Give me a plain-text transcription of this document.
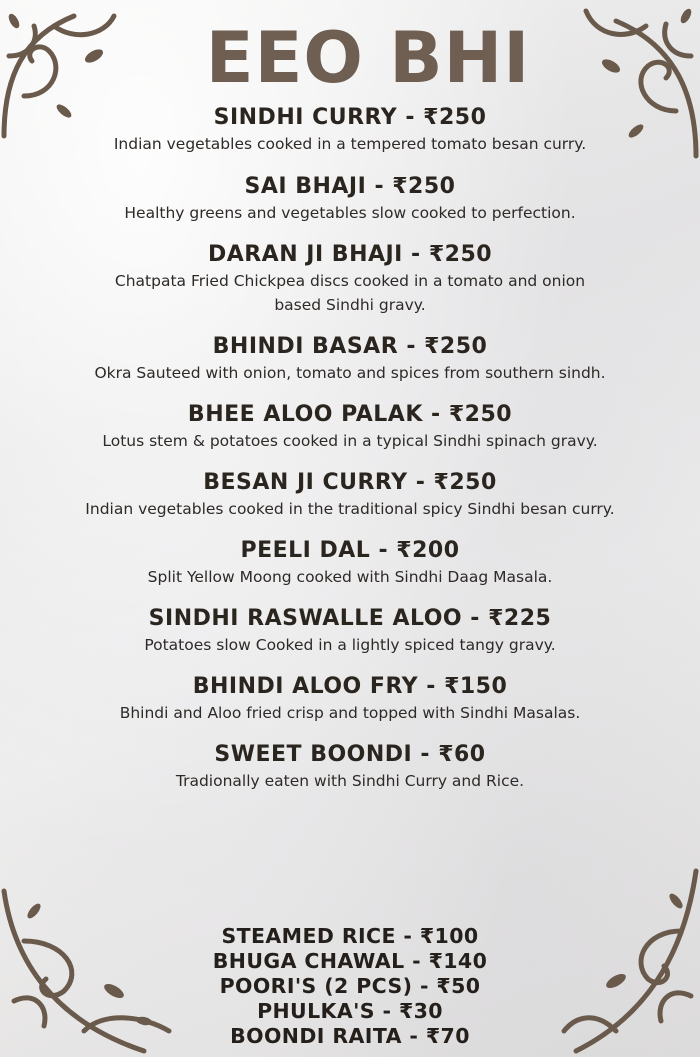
EEO BHI
SINDHI CURRY - ₹250
Indian vegetables cooked in a tempered tomato besan curry.
SAI BHAJI - ₹250
Healthy greens and vegetables slow cooked to perfection.
DARAN JI BHAJI - ₹250
Chatpata Fried Chickpea discs cooked in a tomato and onion
based Sindhi gravy.
BHINDI BASAR - ₹250
Okra Sauteed with onion, tomato and spices from southern sindh.
BHEE ALOO PALAK - ₹250
Lotus stem & potatoes cooked in a typical Sindhi spinach gravy.
BESAN JI CURRY - ₹250
Indian vegetables cooked in the traditional spicy Sindhi besan curry.
PEELI DAL - ₹200
Split Yellow Moong cooked with Sindhi Daag Masala.
SINDHI RASWALLE ALOO - ₹225
Potatoes slow Cooked in a lightly spiced tangy gravy.
BHINDI ALOO FRY - ₹150
Bhindi and Aloo fried crisp and topped with Sindhi Masalas.
SWEET BOONDI - ₹60
Tradionally eaten with Sindhi Curry and Rice.
STEAMED RICE - ₹100
BHUGA CHAWAL - ₹140
POORI'S (2 PCS) - ₹50
PHULKA'S - ₹30
BOONDI RAITA - ₹70
